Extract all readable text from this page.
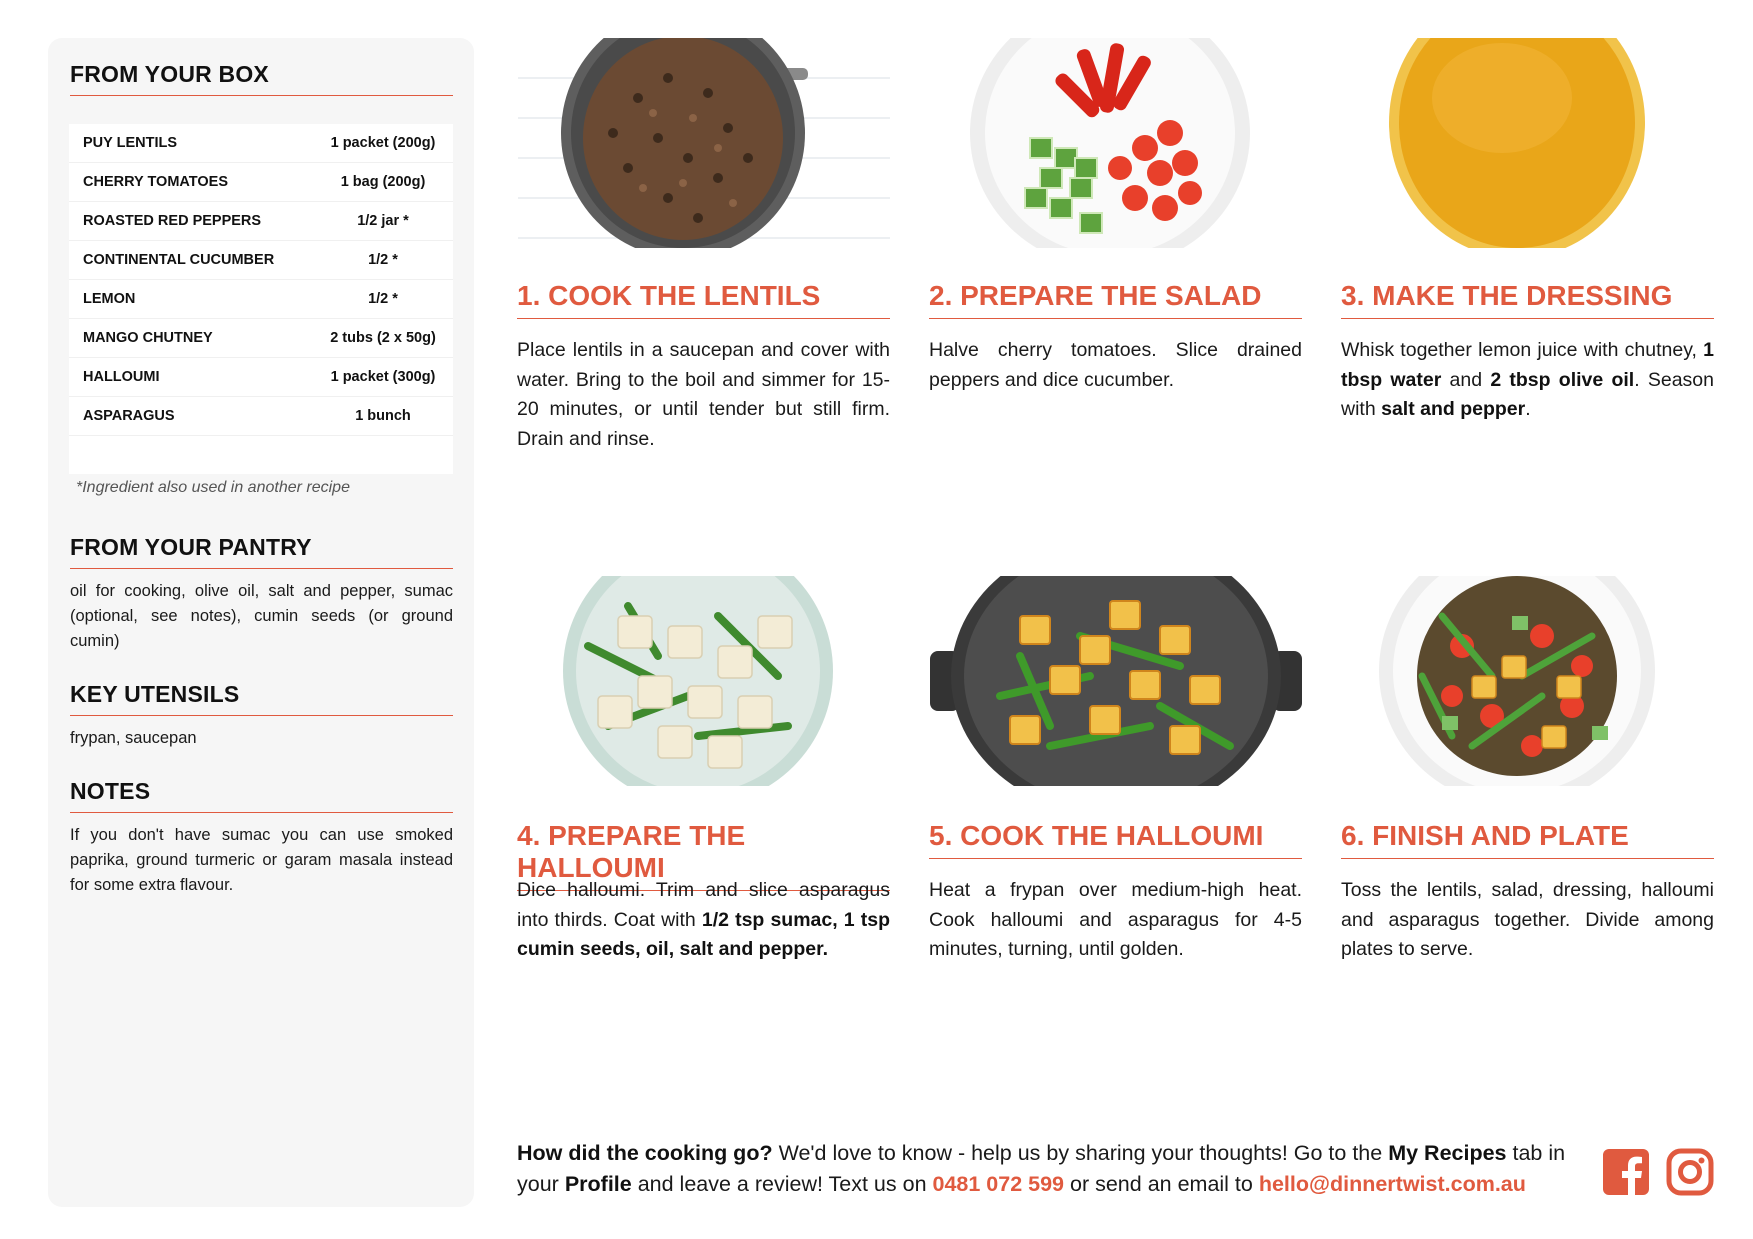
FROM YOUR BOX
PUY LENTILS	1 packet (200g)
CHERRY TOMATOES	1 bag (200g)
ROASTED RED PEPPERS	1/2 jar *
CONTINENTAL CUCUMBER	1/2 *
LEMON	1/2 *
MANGO CHUTNEY	2 tubs (2 x 50g)
HALLOUMI	1 packet (300g)
ASPARAGUS	1 bunch
*Ingredient also used in another recipe
FROM YOUR PANTRY
oil for cooking, olive oil, salt and pepper, sumac (optional, see notes), cumin seeds (or ground cumin)
KEY UTENSILS
frypan, saucepan
NOTES
If you don't have sumac you can use smoked paprika, ground turmeric or garam masala instead for some extra flavour.
1. COOK THE LENTILS
Place lentils in a saucepan and cover with water. Bring to the boil and simmer for 15-20 minutes, or until tender but still firm. Drain and rinse.
2. PREPARE THE SALAD
Halve cherry tomatoes. Slice drained peppers and dice cucumber.
3. MAKE THE DRESSING
Whisk together lemon juice with chutney, 1 tbsp water and 2 tbsp olive oil. Season with salt and pepper.
4. PREPARE THE HALLOUMI
Dice halloumi. Trim and slice asparagus into thirds. Coat with 1/2 tsp sumac, 1 tsp cumin seeds, oil, salt and pepper.
5. COOK THE HALLOUMI
Heat a frypan over medium-high heat. Cook halloumi and asparagus for 4-5 minutes, turning, until golden.
6. FINISH AND PLATE
Toss the lentils, salad, dressing, halloumi and asparagus together. Divide among plates to serve.
How did the cooking go? We'd love to know - help us by sharing your thoughts! Go to the My Recipes tab in your Profile and leave a review! Text us on 0481 072 599 or send an email to hello@dinnertwist.com.au
